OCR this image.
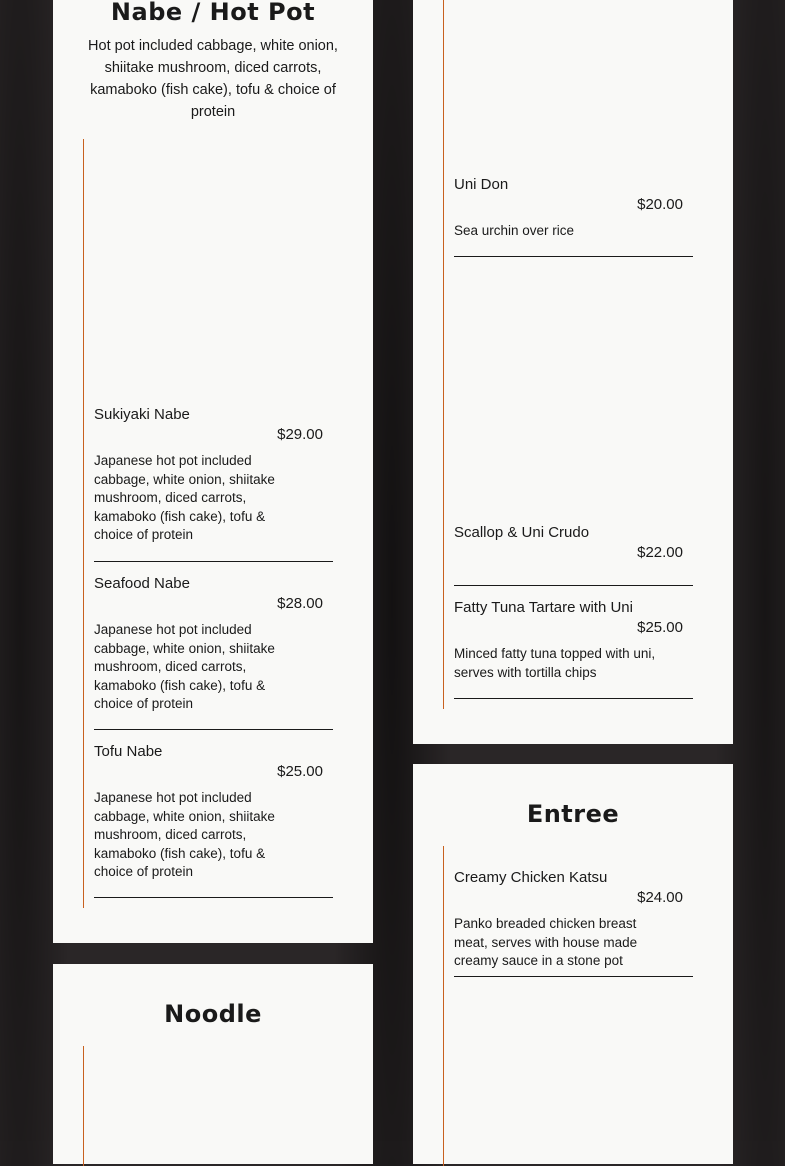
Nabe / Hot Pot

Hot pot included cabbage, white onion, shiitake mushroom, diced carrots, kamaboko (fish cake), tofu & choice of protein

Sukiyaki Nabe
$29.00
Japanese hot pot included cabbage, white onion, shiitake mushroom, diced carrots, kamaboko (fish cake), tofu & choice of protein
Seafood Nabe
$28.00
Japanese hot pot included cabbage, white onion, shiitake mushroom, diced carrots, kamaboko (fish cake), tofu & choice of protein
Tofu Nabe
$25.00
Japanese hot pot included cabbage, white onion, shiitake mushroom, diced carrots, kamaboko (fish cake), tofu & choice of protein
Noodle
Uni Don
$20.00
Sea urchin over rice
Scallop & Uni Crudo
$22.00
Fatty Tuna Tartare with Uni
$25.00
Minced fatty tuna topped with uni, serves with tortilla chips
Entree
Creamy Chicken Katsu
$24.00
Panko breaded chicken breast meat, serves with house made creamy sauce in a stone pot
